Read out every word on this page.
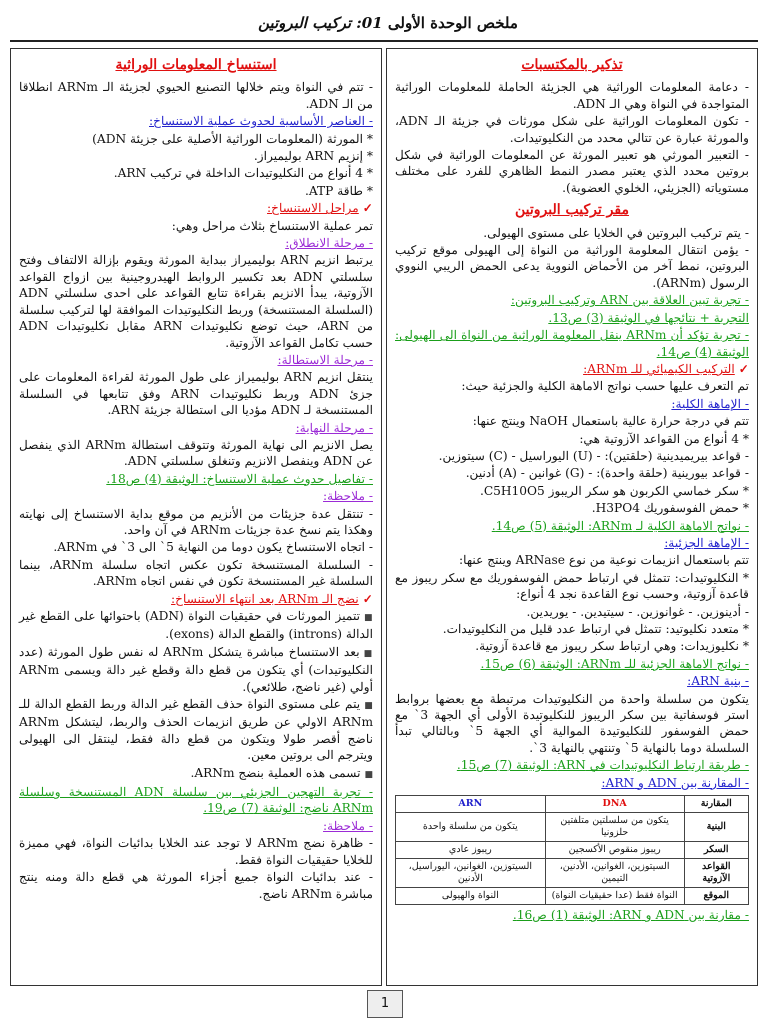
ملخص الوحدة الأولى 01: تركيب البروتين
تذكير بالمكتسبات

- دعامة المعلومات الوراثية هي الجزيئة الحاملة للمعلومات الوراثية المتواجدة في النواة وهي الـ ADN.

- تكون المعلومات الوراثية على شكل مورثات في جزيئة الـ ADN، والمورثة عبارة عن تتالي محدد من النكليوتيدات.

- التعبير المورثي هو تعبير المورثة عن المعلومات الوراثية في شكل بروتين محدد الذي يعتبر مصدر النمط الظاهري للفرد على مختلف مستوياته (الجزيئي، الخلوي العضوية).

مقر تركيب البروتين

- يتم تركيب البروتين في الخلايا على مستوى الهيولى.

- يؤمن انتقال المعلومة الوراثية من النواة إلى الهيولى موقع تركيب البروتين، نمط آخر من الأحماض النووية يدعى الحمض الريبي النووي الرسول (ARNm).

- تجربة تبين العلاقة بين ARN وتركيب البروتين:

التجربة + نتائجها في الوثيقة (3) ص13.

- تجربة تؤكد أن ARNm ينقل المعلومة الوراثية من النواة الى الهيولى: الوثيقة (4) ص14.

✓التركيب الكيميائي للـ ARNm:

تم التعرف عليها حسب نواتج الاماهة الكلية والجزئية حيث:

- الإماهة الكلية:

تتم في درجة حرارة عالية باستعمال NaOH وينتج عنها:

* 4 أنواع من القواعد الآزوتية هي:

- قواعد بيريميدينية (حلقتين): - (U) اليوراسيل - (C) سيتوزين.

- قواعد بيورينية (حلقة واحدة): - (G) غوانين - (A) أدنين.

* سكر خماسي الكربون هو سكر الريبوز C5H10O5.

* حمض الفوسفوريك H3PO4.

- نواتج الاماهة الكلية لـ ARNm: الوثيقة (5) ص14.

- الإماهة الجزئية:

تتم باستعمال انزيمات نوعية من نوع ARNase وينتج عنها:

* النكليوتيدات: تتمثل في ارتباط حمض الفوسفوريك مع سكر ريبوز مع قاعدة آزوتية، وحسب نوع القاعدة نجد 4 أنواع:

- أدينوزين. - غوانوزين. - سيتيدين. - يوريدين.

* متعدد نكليوتيد: تتمثل في ارتباط عدد قليل من النكليوتيدات.

* نكليوزيدات: وهي ارتباط سكر ريبوز مع قاعدة آزوتية.

- نواتج الاماهة الجزئية للـ ARNm: الوثيقة (6) ص15.

- بنية ARN:

يتكون من سلسلة واحدة من النكليوتيدات مرتبطة مع بعضها بروابط استر فوسفاتية بين سكر الريبوز للنكليوتيدة الأولى أي الجهة 3` مع حمض الفوسفور للنكليوتيدة الموالية أي الجهة 5` وبالتالي تبدأ السلسلة دوما بالنهاية 5` وتنتهي بالنهاية 3`.

- طريقة ارتباط النكليوتيدات في ARN: الوثيقة (7) ص15.

- المقارنة بين ADN و ARN:

المقارنة	DNA	ARN
البنية	يتكون من سلسلتين متلفتين حلزونيا	يتكون من سلسلة واحدة
السكر	ريبوز منقوص الأكسجين	ريبوز عادي
القواعد الآزوتية	السيتوزين، الغوانين، الأدنين، التيمين	السيتوزين، الغوانين، اليوراسيل، الأدنين
الموقع	النواة فقط (عدا حقيقيات النواة)	النواة والهيولى

- مقارنة بين ADN و ARN: الوثيقة (1) ص16.

استنساخ المعلومات الوراثية

- تتم في النواة ويتم خلالها التصنيع الحيوي لجزيئة الـ ARNm انطلاقا من الـ ADN.

- العناصر الأساسية لحدوث عملية الاستنساخ:

* المورثة (المعلومات الوراثية الأصلية على جزيئة ADN)

* إنزيم ARN بوليميراز.

* 4 أنواع من النكليوتيدات الداخلة في تركيب ARN.

* طاقة ATP.

✓مراحل الاستنساخ:

تمر عملية الاستنساخ بثلاث مراحل وهي:

- مرحلة الانطلاق:

يرتبط انزيم ARN بوليميراز ببداية المورثة ويقوم بإزالة الالتفاف وفتح سلسلتي ADN بعد تكسير الروابط الهيدروجينية بين ازواج القواعد الآزوتية، يبدأ الانزيم بقراءة تتابع القواعد على احدى سلسلتي ADN (السلسلة المستنسخة) وربط النكليوتيدات الموافقة لها لتركيب سلسلة من ARN، حيث توضع نكليوتيدات ARN مقابل نكليوتيدات ADN حسب تكامل القواعد الآزوتية.

- مرحلة الاستطالة:

ينتقل انزيم ARN بوليميراز على طول المورثة لقراءة المعلومات على جزئ ADN وربط نكليوتيدات ARN وفق تتابعها في السلسلة المستنسخة لـ ADN مؤديا الى استطالة جزيئة ARN.

- مرحلة النهاية:

يصل الانزيم الى نهاية المورثة وتتوقف استطالة ARNm الذي ينفصل عن ADN وينفصل الانزيم وتنغلق سلسلتي ADN.

- تفاصيل حدوث عملية الاستنساخ: الوثيقة (4) ص18.

- ملاحظة:

- تنتقل عدة جزيئات من الأنزيم من موقع بداية الاستنساخ إلى نهايته وهكذا يتم نسخ عدة جزيئات ARNm في آن واحد.

- اتجاه الاستنساخ يكون دوما من النهاية 5` الى 3` في ARNm.

- السلسلة المستنسخة تكون عكس اتجاه سلسلة ARNm، بينما السلسلة غير المستنسخة تكون في نفس اتجاه ARNm.

✓نضج الـ ARNm بعد انتهاء الاستنساخ:

■تتميز المورثات في حقيقيات النواة (ADN) باحتوائها على القطع غير الدالة (introns) والقطع الدالة (exons).

■بعد الاستنساخ مباشرة يتشكل ARNm له نفس طول المورثة (عدد النكليوتيدات) أي يتكون من قطع دالة وقطع غير دالة ويسمى ARNm أولي (غير ناضج، طلائعي).

■يتم على مستوى النواة حذف القطع غير الدالة وربط القطع الدالة للـ ARNm الاولي عن طريق انزيمات الحذف والربط، ليتشكل ARNm ناضج أقصر طولا ويتكون من قطع دالة فقط، لينتقل الى الهيولى ويترجم الى بروتين معين.

■تسمى هذه العملية بنضج ARNm.

- تجربة التهجين الجزيئي بين سلسلة ADN المستنسخة وسلسلة ARNm ناضج: الوثيقة (7) ص19.

- ملاحظة:

- ظاهرة نضج ARNm لا توجد عند الخلايا بدائيات النواة، فهي مميزة للخلايا حقيقيات النواة فقط.

- عند بدائيات النواة جميع أجزاء المورثة هي قطع دالة ومنه ينتج مباشرة ARNm ناضج.

1
